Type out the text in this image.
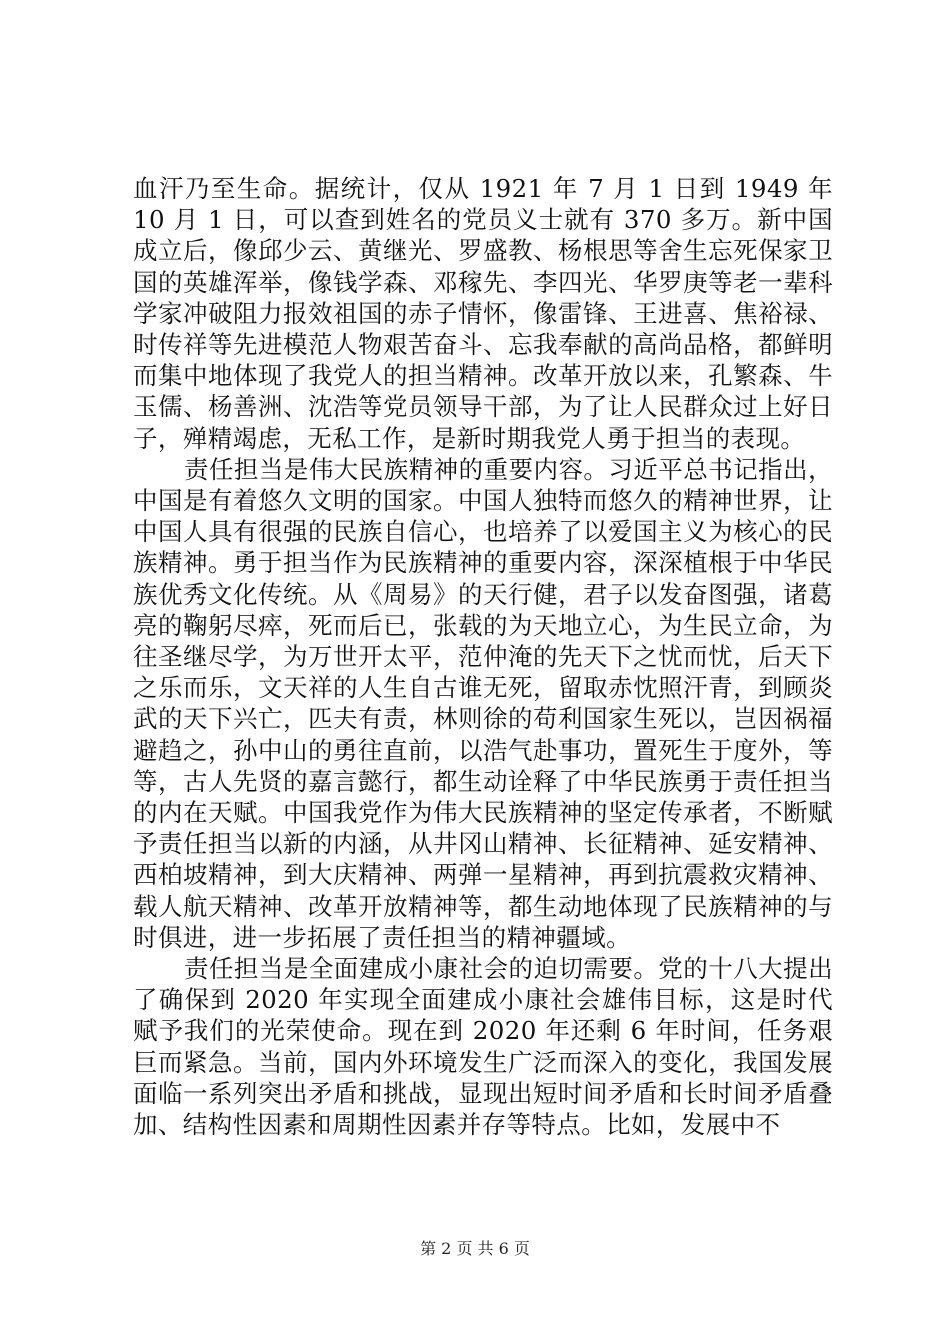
血汗乃至生命。据统计，仅从 1921 年 7 月 1 日到 1949 年 10 月 1 日，可以查到姓名的党员义士就有 370 多万。新中国成立后，像邱少云、黄继光、罗盛教、杨根思等舍生忘死保家卫国的英雄浑举，像钱学森、邓稼先、李四光、华罗庚等老一辈科学家冲破阻力报效祖国的赤子情怀，像雷锋、王进喜、焦裕禄、时传祥等先进模范人物艰苦奋斗、忘我奉献的高尚品格，都鲜明而集中地体现了我党人的担当精神。改革开放以来，孔繁森、牛玉儒、杨善洲、沈浩等党员领导干部，为了让人民群众过上好日子，殚精竭虑，无私工作，是新时期我党人勇于担当的表现。

责任担当是伟大民族精神的重要内容。习近平总书记指出，中国是有着悠久文明的国家。中国人独特而悠久的精神世界，让中国人具有很强的民族自信心，也培养了以爱国主义为核心的民族精神。勇于担当作为民族精神的重要内容，深深植根于中华民族优秀文化传统。从《周易》的天行健，君子以发奋图强，诸葛亮的鞠躬尽瘁，死而后已，张载的为天地立心，为生民立命，为往圣继尽学，为万世开太平，范仲淹的先天下之忧而忧，后天下之乐而乐，文天祥的人生自古谁无死，留取赤忱照汗青，到顾炎武的天下兴亡，匹夫有责，林则徐的苟利国家生死以，岂因祸福避趋之，孙中山的勇往直前，以浩气赴事功，置死生于度外，等等，古人先贤的嘉言懿行，都生动诠释了中华民族勇于责任担当的内在天赋。中国我党作为伟大民族精神的坚定传承者，不断赋予责任担当以新的内涵，从井冈山精神、长征精神、延安精神、西柏坡精神，到大庆精神、两弹一星精神，再到抗震救灾精神、载人航天精神、改革开放精神等，都生动地体现了民族精神的与时俱进，进一步拓展了责任担当的精神疆域。

责任担当是全面建成小康社会的迫切需要。党的十八大提出了确保到 2020 年实现全面建成小康社会雄伟目标，这是时代赋予我们的光荣使命。现在到 2020 年还剩 6 年时间，任务艰巨而紧急。当前，国内外环境发生广泛而深入的变化，我国发展面临一系列突出矛盾和挑战，显现出短时间矛盾和长时间矛盾叠加、结构性因素和周期性因素并存等特点。比如，发展中不

第 2 页 共 6 页
